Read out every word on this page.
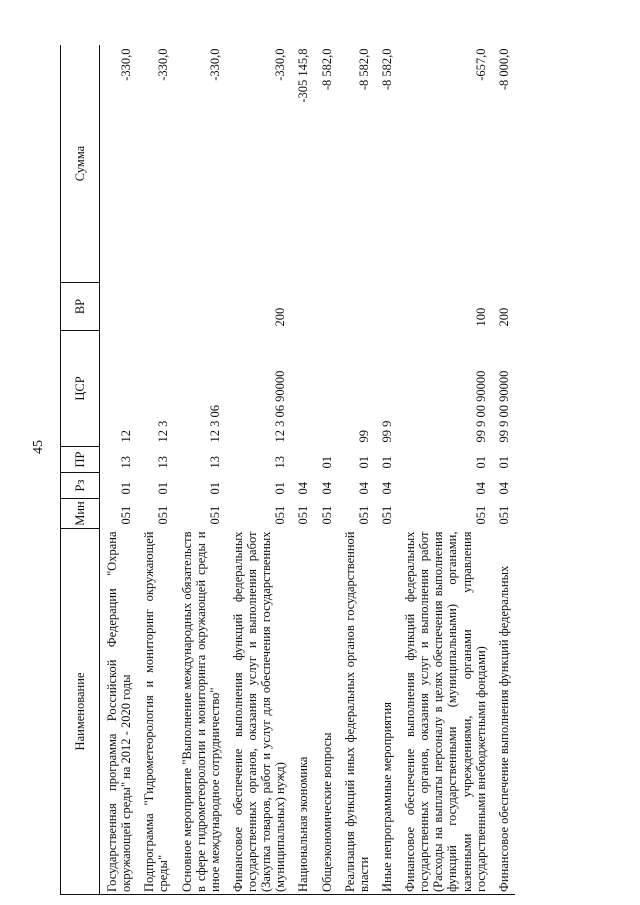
45
Наименование	Мин	Рз	ПР	ЦСР	ВР	Сумма
Государственная программа Российской Федерации "Охрана окружающей среды" на 2012 - 2020 годы	051	01	13	12		-330,0
Подпрограмма "Гидрометеорология и мониторинг окружающей среды"	051	01	13	12 3		-330,0
Основное мероприятие "Выполнение международных обязательств в сфере гидрометеорологии и мониторинга окружающей среды и иное международное сотрудничество"	051	01	13	12 3 06		-330,0
Финансовое обеспечение выполнения функций федеральных государственных органов, оказания услуг и выполнения работ (Закупка товаров, работ и услуг для обеспечения государственных (муниципальных) нужд)	051	01	13	12 3 06 90000	200	-330,0
Национальная экономика	051	04				-305 145,8
Общеэкономические вопросы	051	04	01			-8 582,0
Реализация функций иных федеральных органов государственной власти	051	04	01	99		-8 582,0
Иные непрограммные мероприятия	051	04	01	99 9		-8 582,0
Финансовое обеспечение выполнения функций федеральных государственных органов, оказания услуг и выполнения работ (Расходы на выплаты персоналу в целях обеспечения выполнения функций государственными (муниципальными) органами, казенными учреждениями, органами управления государственными внебюджетными фондами)	051	04	01	99 9 00 90000	100	-657,0
Финансовое обеспечение выполнения функций федеральных	051	04	01	99 9 00 90000	200	-8 000,0
